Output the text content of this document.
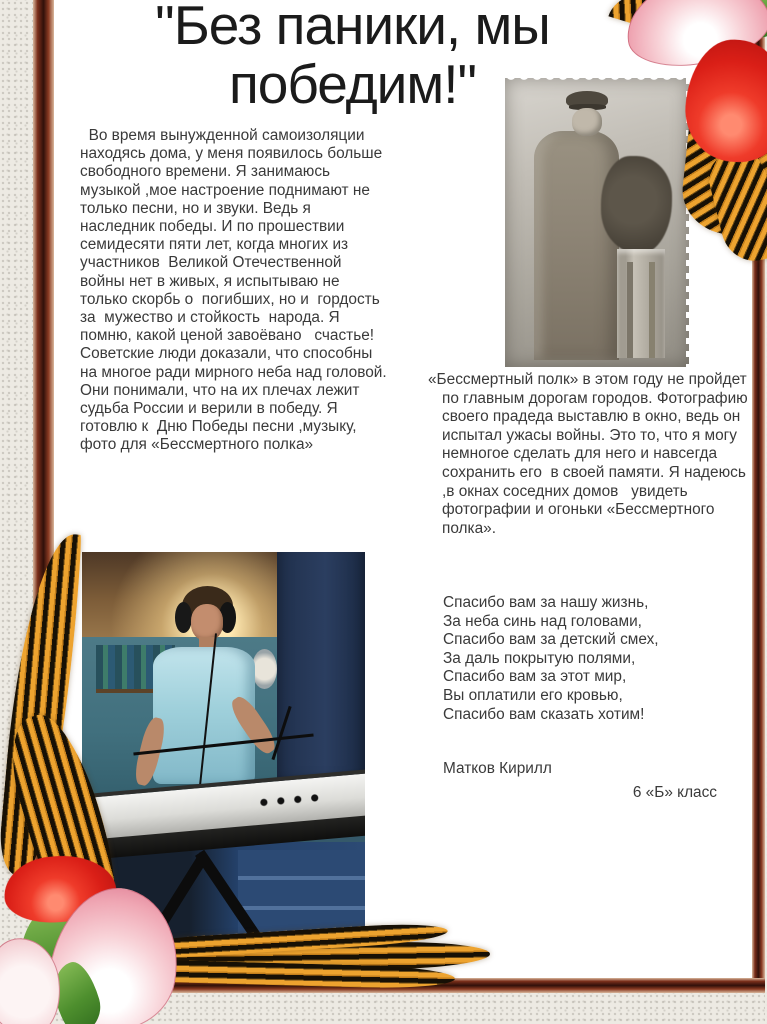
"Без паники, мы
победим!"
Во время вынужденной самоизоляции находясь дома, у меня появилось больше свободного времени. Я занимаюсь музыкой ,мое настроение поднимают не только песни, но и звуки. Ведь я наследник победы. И по прошествии семидесяти пяти лет, когда многих из участников  Великой Отечественной войны нет в живых, я испытываю не только скорбь о  погибших, но и  гордость за  мужество и стойкость  народа. Я помню, какой ценой завоёвано   счастье! Советские люди доказали, что способны на многое ради мирного неба над головой. Они понимали, что на их плечах лежит судьба России и верили в победу. Я готовлю к  Дню Победы песни ,музыку, фото для «Бессмертного полка»
«Бессмертный полк» в этом году не пройдет по главным дорогам городов. Фотографию своего прадеда выставлю в окно, ведь он испытал ужасы войны. Это то, что я могу немногое сделать для него и навсегда сохранить его  в своей памяти. Я надеюсь ,в окнах соседних домов   увидеть фотографии и огоньки «Бессмертного полка».
Спасибо вам за нашу жизнь,
За неба синь над головами,
Спасибо вам за детский смех,
За даль покрытую полями,
Спасибо вам за этот мир,
Вы оплатили его кровью,
Спасибо вам сказать хотим!
Матков Кирилл
6 «Б» класс
